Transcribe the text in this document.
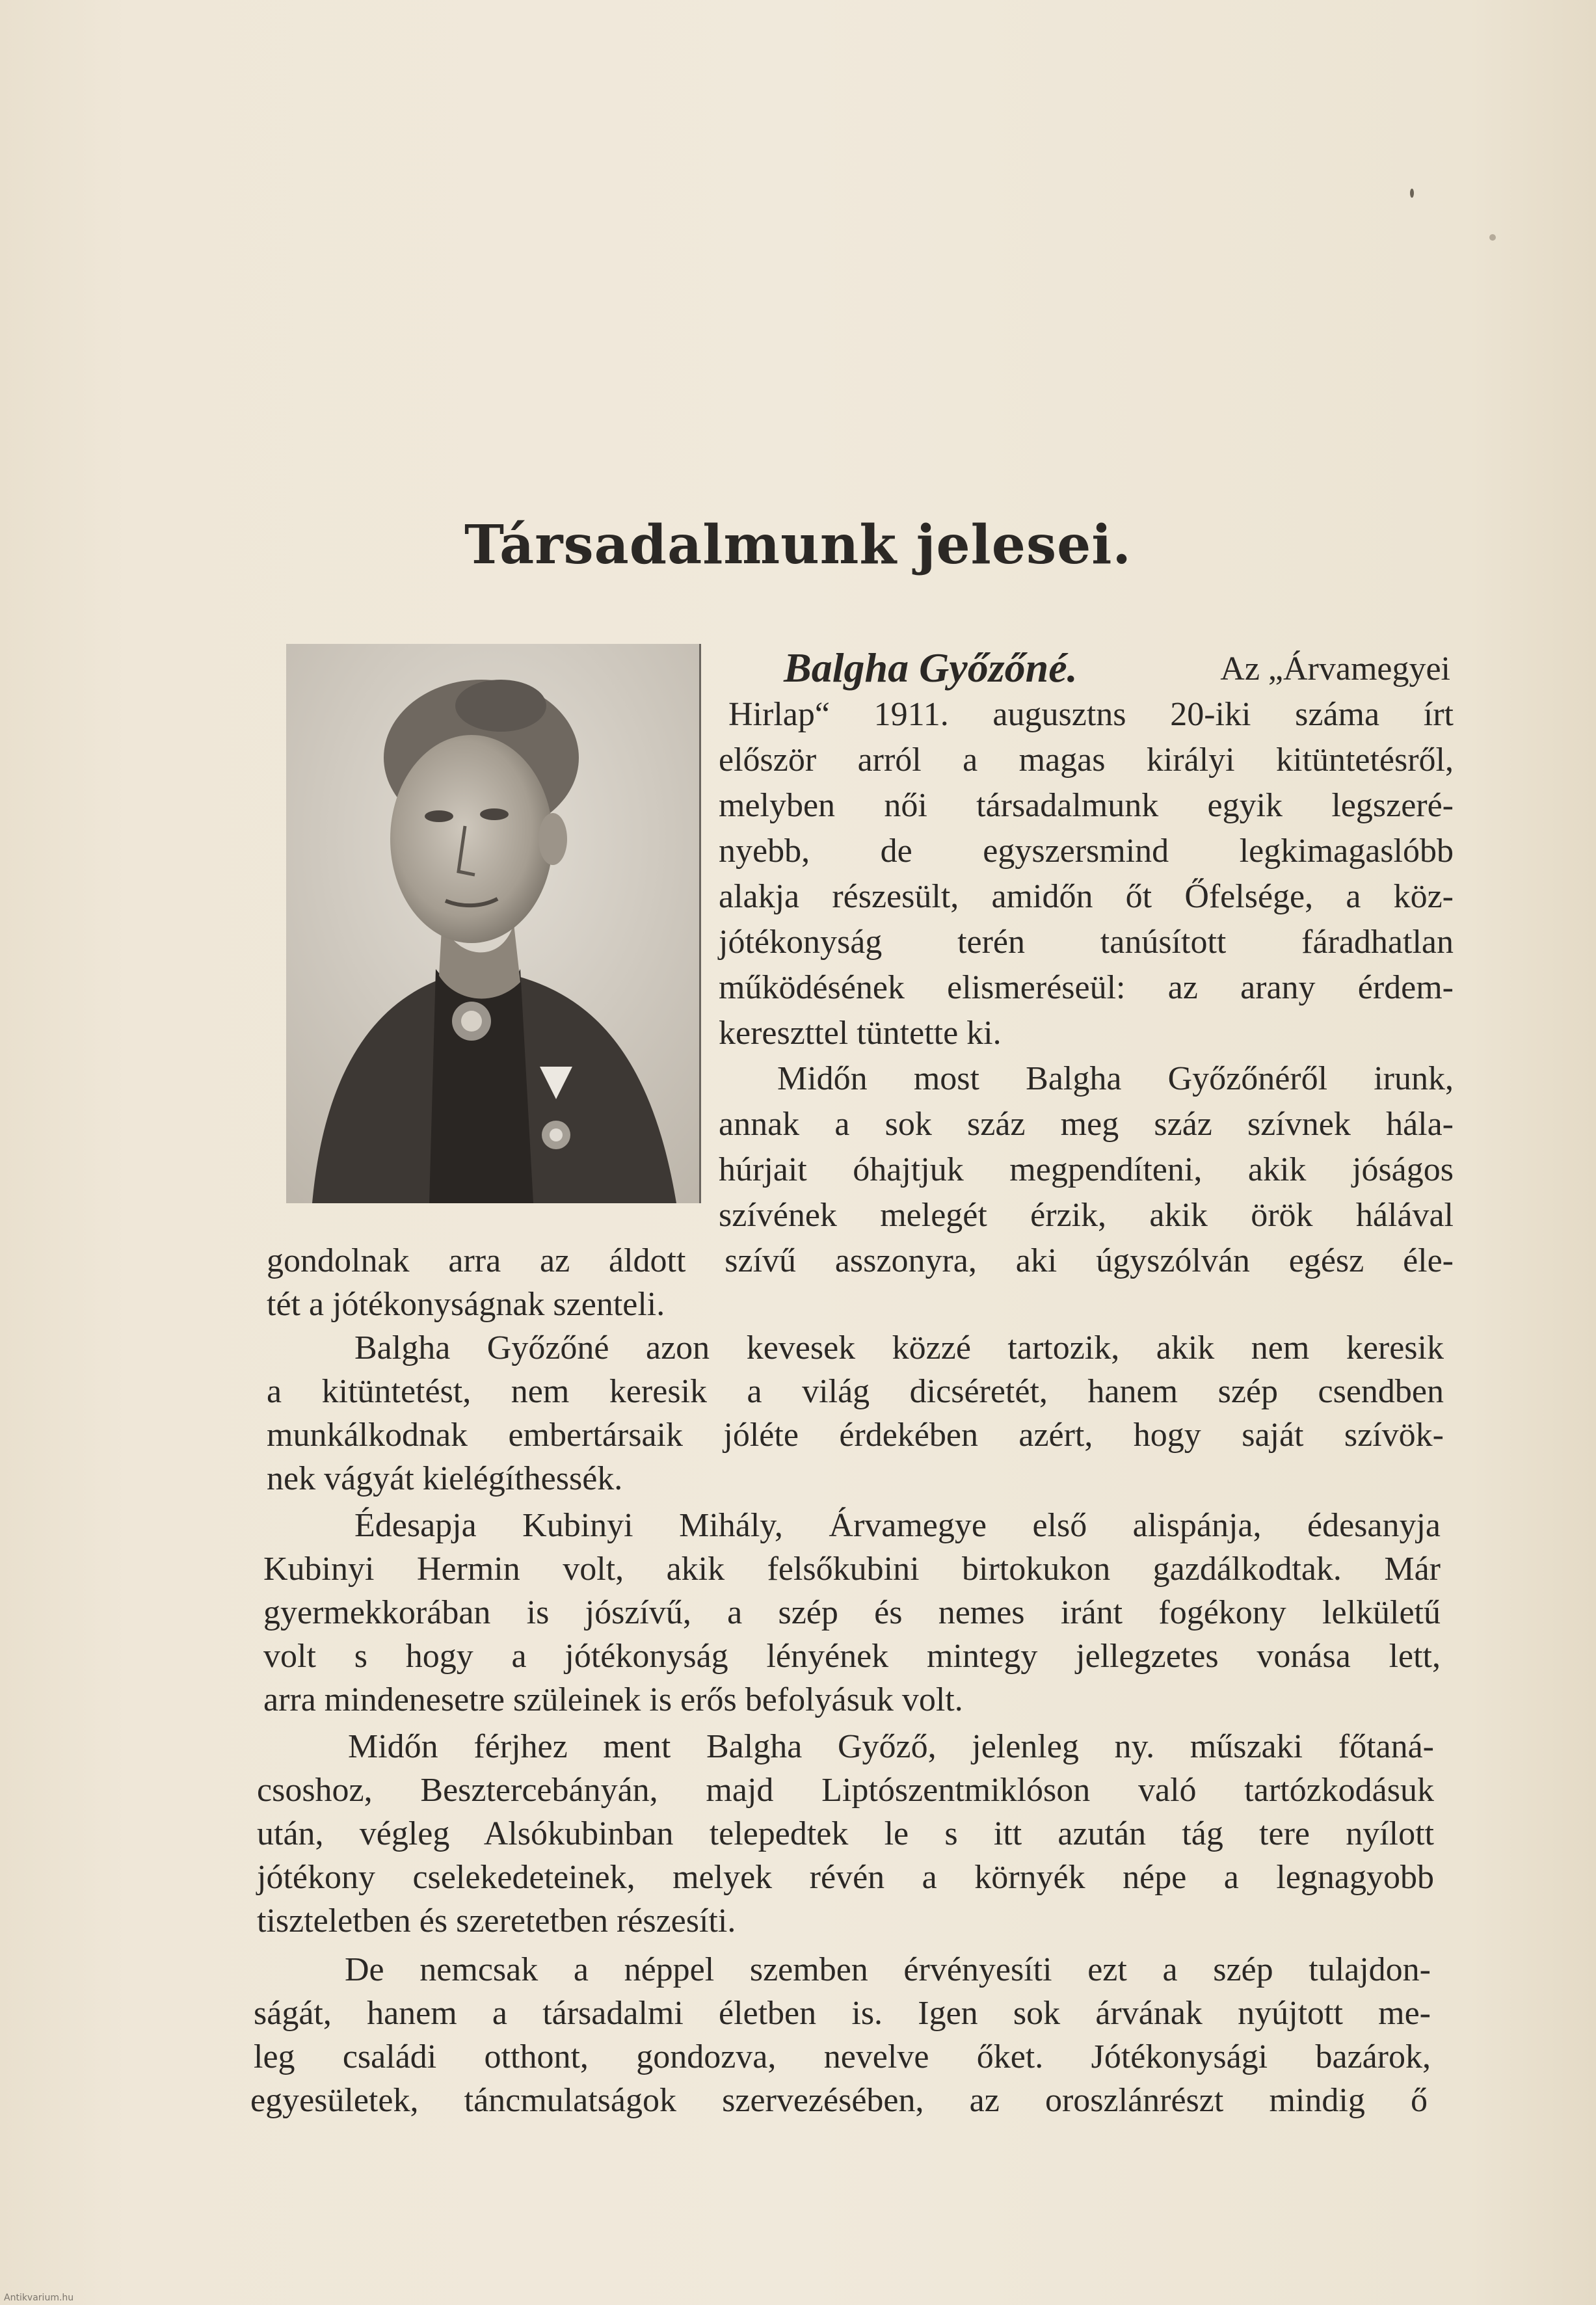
Társadalmunk jelesei.
Balgha Győzőné.	Az „Árvamegyei
Hirlap“ 1911. augusztns 20-iki száma írt
először arról a magas királyi kitüntetésről,
melyben női társadalmunk egyik legszeré-
nyebb, de egyszersmind legkimagaslóbb
alakja részesült, amidőn őt Őfelsége, a köz-
jótékonyság terén tanúsított fáradhatlan
működésének elismeréseül: az arany érdem-
kereszttel tüntette ki.
Midőn most Balgha Győzőnéről irunk,
annak a sok száz meg száz szívnek hála-
húrjait óhajtjuk megpendíteni, akik jóságos
szívének melegét érzik, akik örök hálával
gondolnak arra az áldott szívű asszonyra, aki úgyszólván egész éle-
tét a jótékonyságnak szenteli.
Balgha Győzőné azon kevesek közzé tartozik, akik nem keresik
a kitüntetést, nem keresik a világ dicséretét, hanem szép csendben
munkálkodnak embertársaik jóléte érdekében azért, hogy saját szívök-
nek vágyát kielégíthessék.
Édesapja Kubinyi Mihály, Árvamegye első alispánja, édesanyja
Kubinyi Hermin volt, akik felsőkubini birtokukon gazdálkodtak. Már
gyermekkorában is jószívű, a szép és nemes iránt fogékony lelkületű
volt s hogy a jótékonyság lényének mintegy jellegzetes vonása lett,
arra mindenesetre szüleinek is erős befolyásuk volt.
Midőn férjhez ment Balgha Győző, jelenleg ny. műszaki főtaná-
csoshoz, Besztercebányán, majd Liptószentmiklóson való tartózkodásuk
után, végleg Alsókubinban telepedtek le s itt azután tág tere nyílott
jótékony cselekedeteinek, melyek révén a környék népe a legnagyobb
tiszteletben és szeretetben részesíti.
De nemcsak a néppel szemben érvényesíti ezt a szép tulajdon-
ságát, hanem a társadalmi életben is. Igen sok árvának nyújtott me-
leg családi otthont, gondozva, nevelve őket. Jótékonysági bazárok,
egyesületek, táncmulatságok szervezésében, az oroszlánrészt mindig ő
Antikvarium.hu
